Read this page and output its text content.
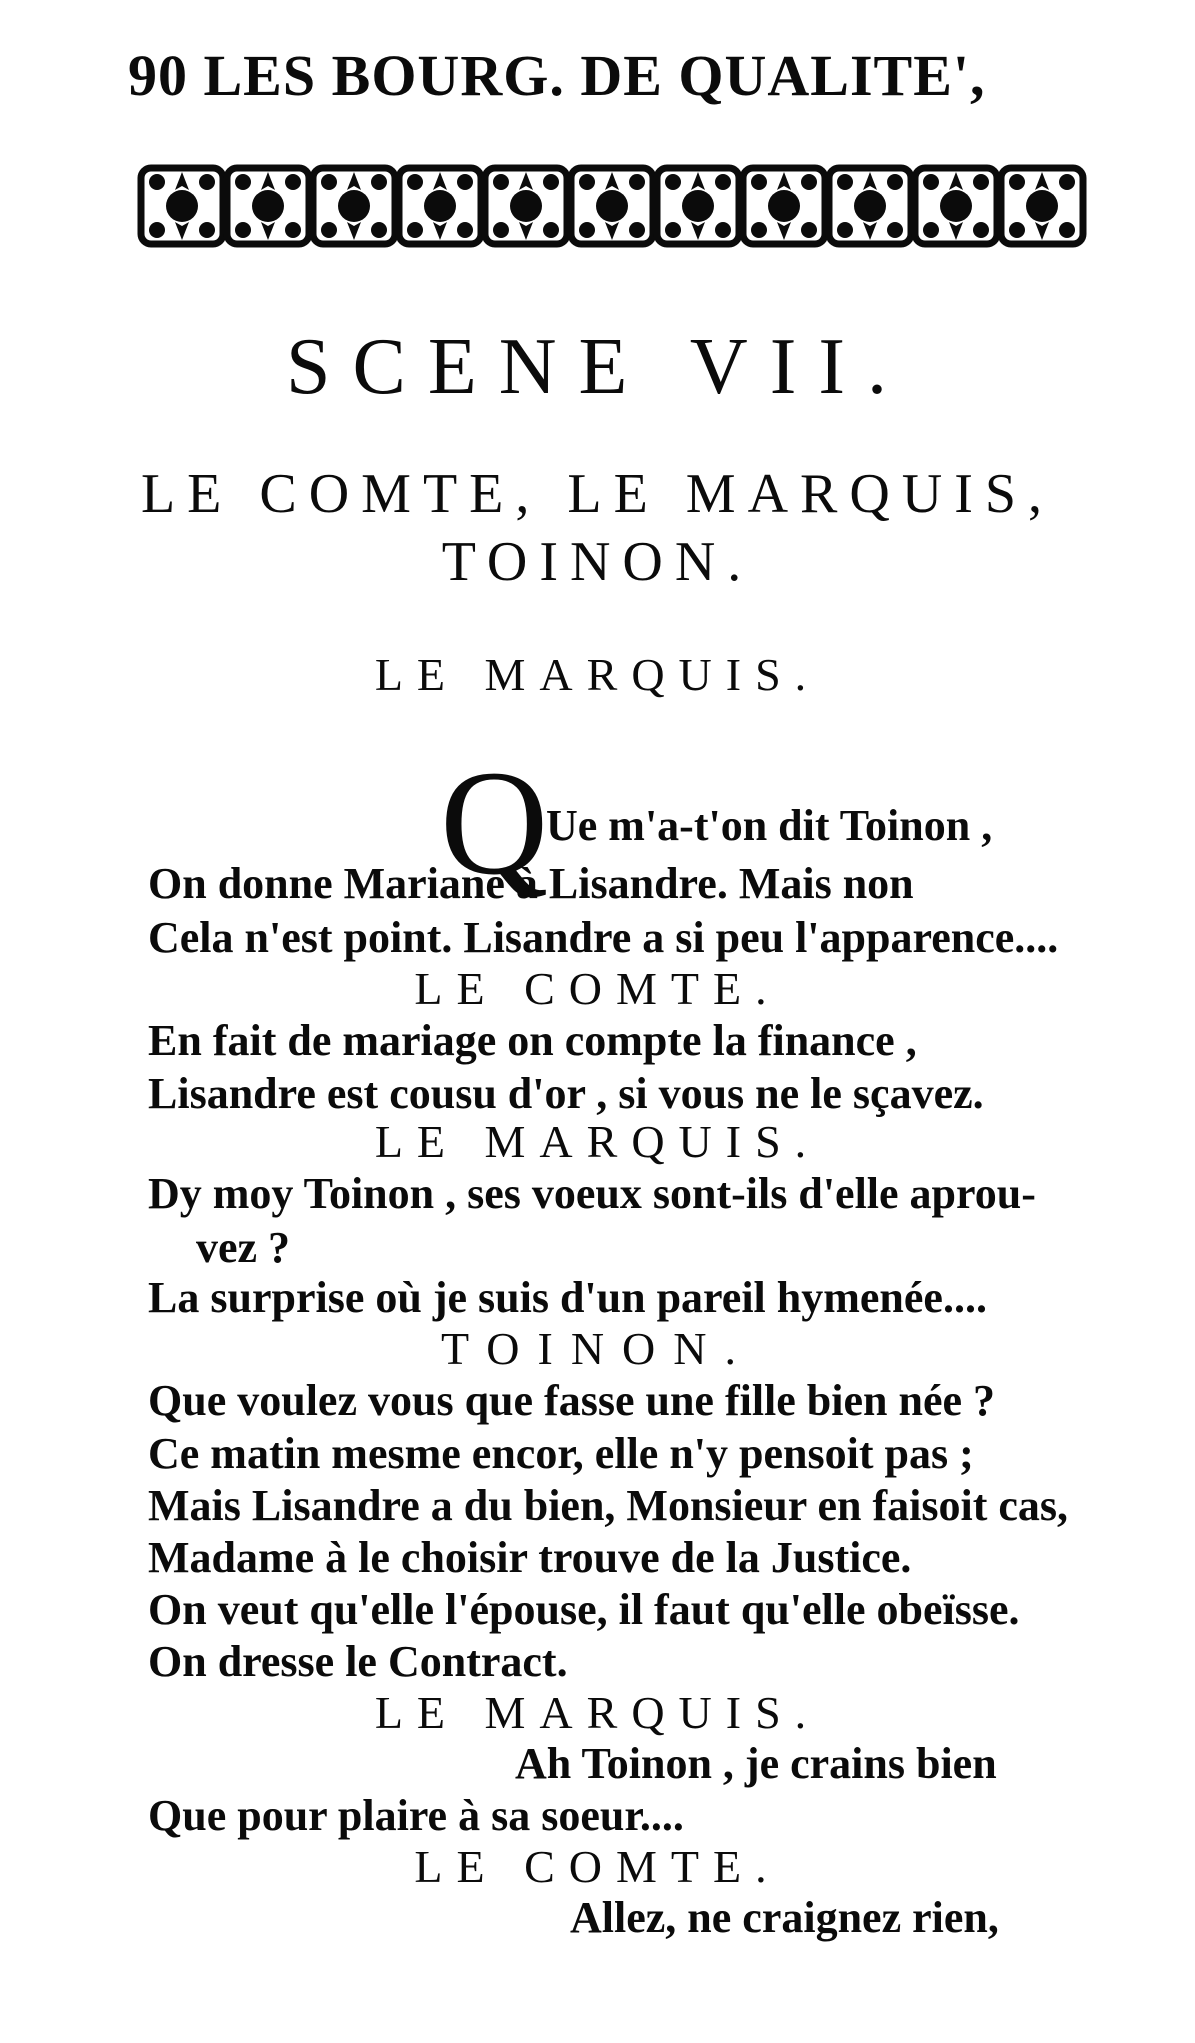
90 LES BOURG. DE QUALITE',
SCENE VII.
LE COMTE, LE MARQUIS,
TOINON.
LE MARQUIS.
Q
Ue m'a-t'on dit Toinon ,
On donne Mariane à Lisandre. Mais non
Cela n'est point. Lisandre a si peu l'apparence....
LE COMTE.
En fait de mariage on compte la finance ,
Lisandre est cousu d'or , si vous ne le sçavez.
LE MARQUIS.
Dy moy Toinon , ses voeux sont-ils d'elle aprou-
vez ?
La surprise où je suis d'un pareil hymenée....
TOINON.
Que voulez vous que fasse une fille bien née ?
Ce matin mesme encor, elle n'y pensoit pas ;
Mais Lisandre a du bien, Monsieur en faisoit cas,
Madame à le choisir trouve de la Justice.
On veut qu'elle l'épouse, il faut qu'elle obeïsse.
On dresse le Contract.
LE MARQUIS.
Ah Toinon , je crains bien
Que pour plaire à sa soeur....
LE COMTE.
Allez, ne craignez rien,
